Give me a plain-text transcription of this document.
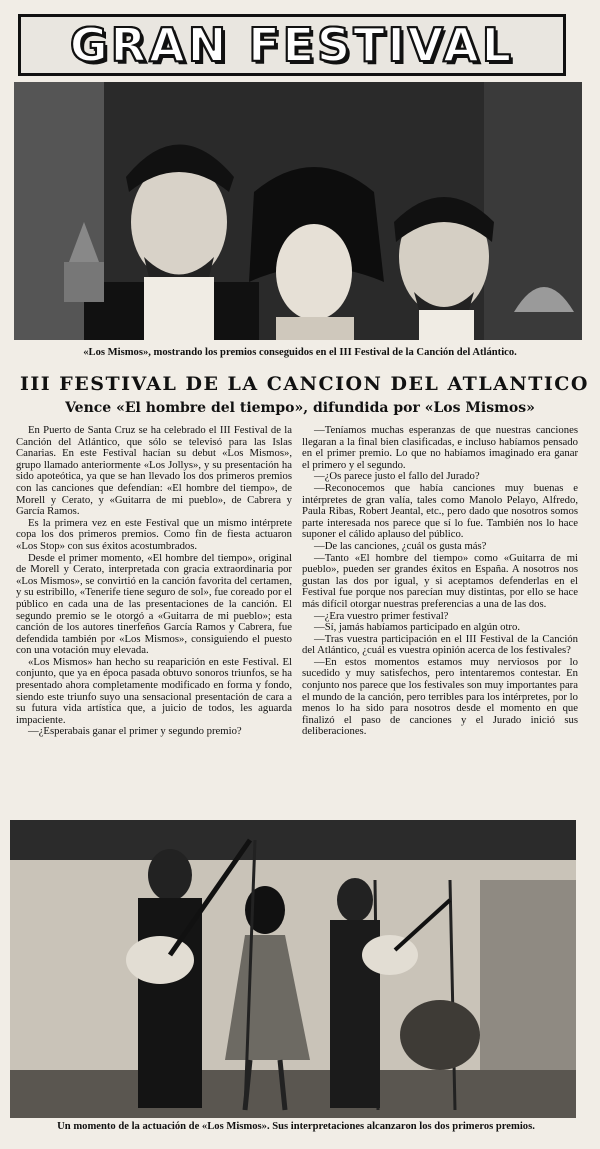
GRAN FESTIVAL
«Los Mismos», mostrando los premios conseguidos en el III Festival de la Canción del Atlántico.
III FESTIVAL DE LA CANCION DEL ATLANTICO
Vence «El hombre del tiempo», difundida por «Los Mismos»

En Puerto de Santa Cruz se ha celebrado el III Festival de la Canción del Atlántico, que sólo se televisó para las Islas Canarias. En este Festival hacían su debut «Los Mismos», grupo llamado anteriormente «Los Jollys», y su presentación ha sido apoteótica, ya que se han llevado los dos primeros premios con las canciones que defendían: «El hombre del tiempo», de Morell y Cerato, y «Guitarra de mi pueblo», de Cabrera y García Ramos.

Es la primera vez en este Festival que un mismo intérprete copa los dos primeros premios. Como fin de fiesta actuaron «Los Stop» con sus éxitos acostumbrados.

Desde el primer momento, «El hombre del tiempo», original de Morell y Cerato, interpretada con gracia extraordinaria por «Los Mismos», se convirtió en la canción favorita del certamen, y su estribillo, «Tenerife tiene seguro de sol», fue coreado por el público en cada una de las presentaciones de la canción. El segundo premio se le otorgó a «Guitarra de mi pueblo»; esta canción de los autores tinerfeños García Ramos y Cabrera, fue defendida también por «Los Mismos», consiguiendo el puesto con una votación muy elevada.

«Los Mismos» han hecho su reaparición en este Festival. El conjunto, que ya en época pasada obtuvo sonoros triunfos, se ha presentado ahora completamente modificado en forma y fondo, siendo este triunfo suyo una sensacional presentación de cara a su futura vida artística que, a juicio de todos, les aguarda impaciente.

—¿Esperabais ganar el primer y segundo premio?

—Teníamos muchas esperanzas de que nuestras canciones llegaran a la final bien clasificadas, e incluso habíamos pensado en el primer premio. Lo que no habíamos imaginado era ganar el primero y el segundo.

—¿Os parece justo el fallo del Jurado?

—Reconocemos que había canciones muy buenas e intérpretes de gran valía, tales como Manolo Pelayo, Alfredo, Paula Ribas, Robert Jeantal, etc., pero dado que nosotros somos parte interesada nos parece que sí lo fue. También nos lo hace suponer el cálido aplauso del público.

—De las canciones, ¿cuál os gusta más?

—Tanto «El hombre del tiempo» como «Guitarra de mi pueblo», pueden ser grandes éxitos en España. A nosotros nos gustan las dos por igual, y si aceptamos defenderlas en el Festival fue porque nos parecían muy distintas, por ello se hace más difícil otorgar nuestras preferencias a una de las dos.

—¿Era vuestro primer festival?

—Sí, jamás habíamos participado en algún otro.

—Tras vuestra participación en el III Festival de la Canción del Atlántico, ¿cuál es vuestra opinión acerca de los festivales?

—En estos momentos estamos muy nerviosos por lo sucedido y muy satisfechos, pero intentaremos contestar. En conjunto nos parece que los festivales son muy importantes para el mundo de la canción, pero terribles para los intérpretes, por lo menos lo ha sido para nosotros desde el momento en que finalizó el paso de canciones y el Jurado inició sus deliberaciones.

Un momento de la actuación de «Los Mismos». Sus interpretaciones alcanzaron los dos primeros premios.
